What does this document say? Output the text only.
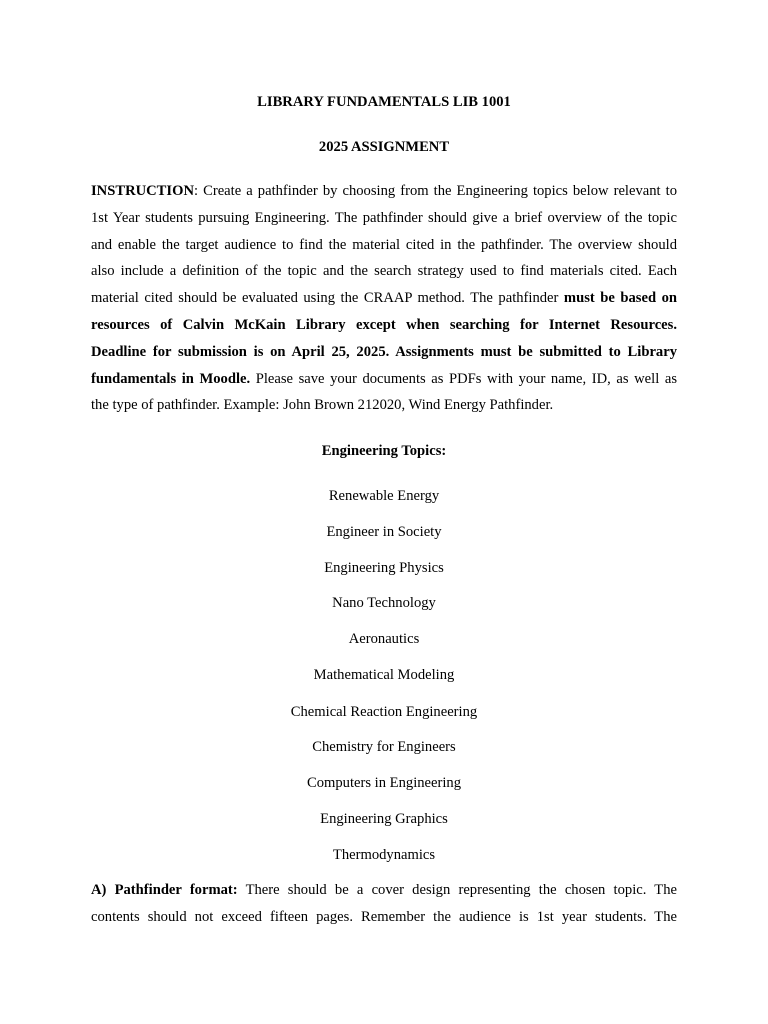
LIBRARY FUNDAMENTALS LIB 1001
2025 ASSIGNMENT
INSTRUCTION: Create a pathfinder by choosing from the Engineering topics below relevant to
1st Year students pursuing Engineering. The pathfinder should give a brief overview of the topic
and enable the target audience to find the material cited in the pathfinder. The overview should
also include a definition of the topic and the search strategy used to find materials cited. Each
material cited should be evaluated using the CRAAP method. The pathfinder must be based on
resources of Calvin McKain Library except when searching for Internet Resources.
Deadline for submission is on April 25, 2025. Assignments must be submitted to Library
fundamentals in Moodle. Please save your documents as PDFs with your name, ID, as well as
the type of pathfinder. Example: John Brown 212020, Wind Energy Pathfinder.
Engineering Topics:
Renewable Energy
Engineer in Society
Engineering Physics
Nano Technology
Aeronautics
Mathematical Modeling
Chemical Reaction Engineering
Chemistry for Engineers
Computers in Engineering
Engineering Graphics
Thermodynamics
A) Pathfinder format: There should be a cover design representing the chosen topic. The
contents should not exceed fifteen pages. Remember the audience is 1st year students. The
